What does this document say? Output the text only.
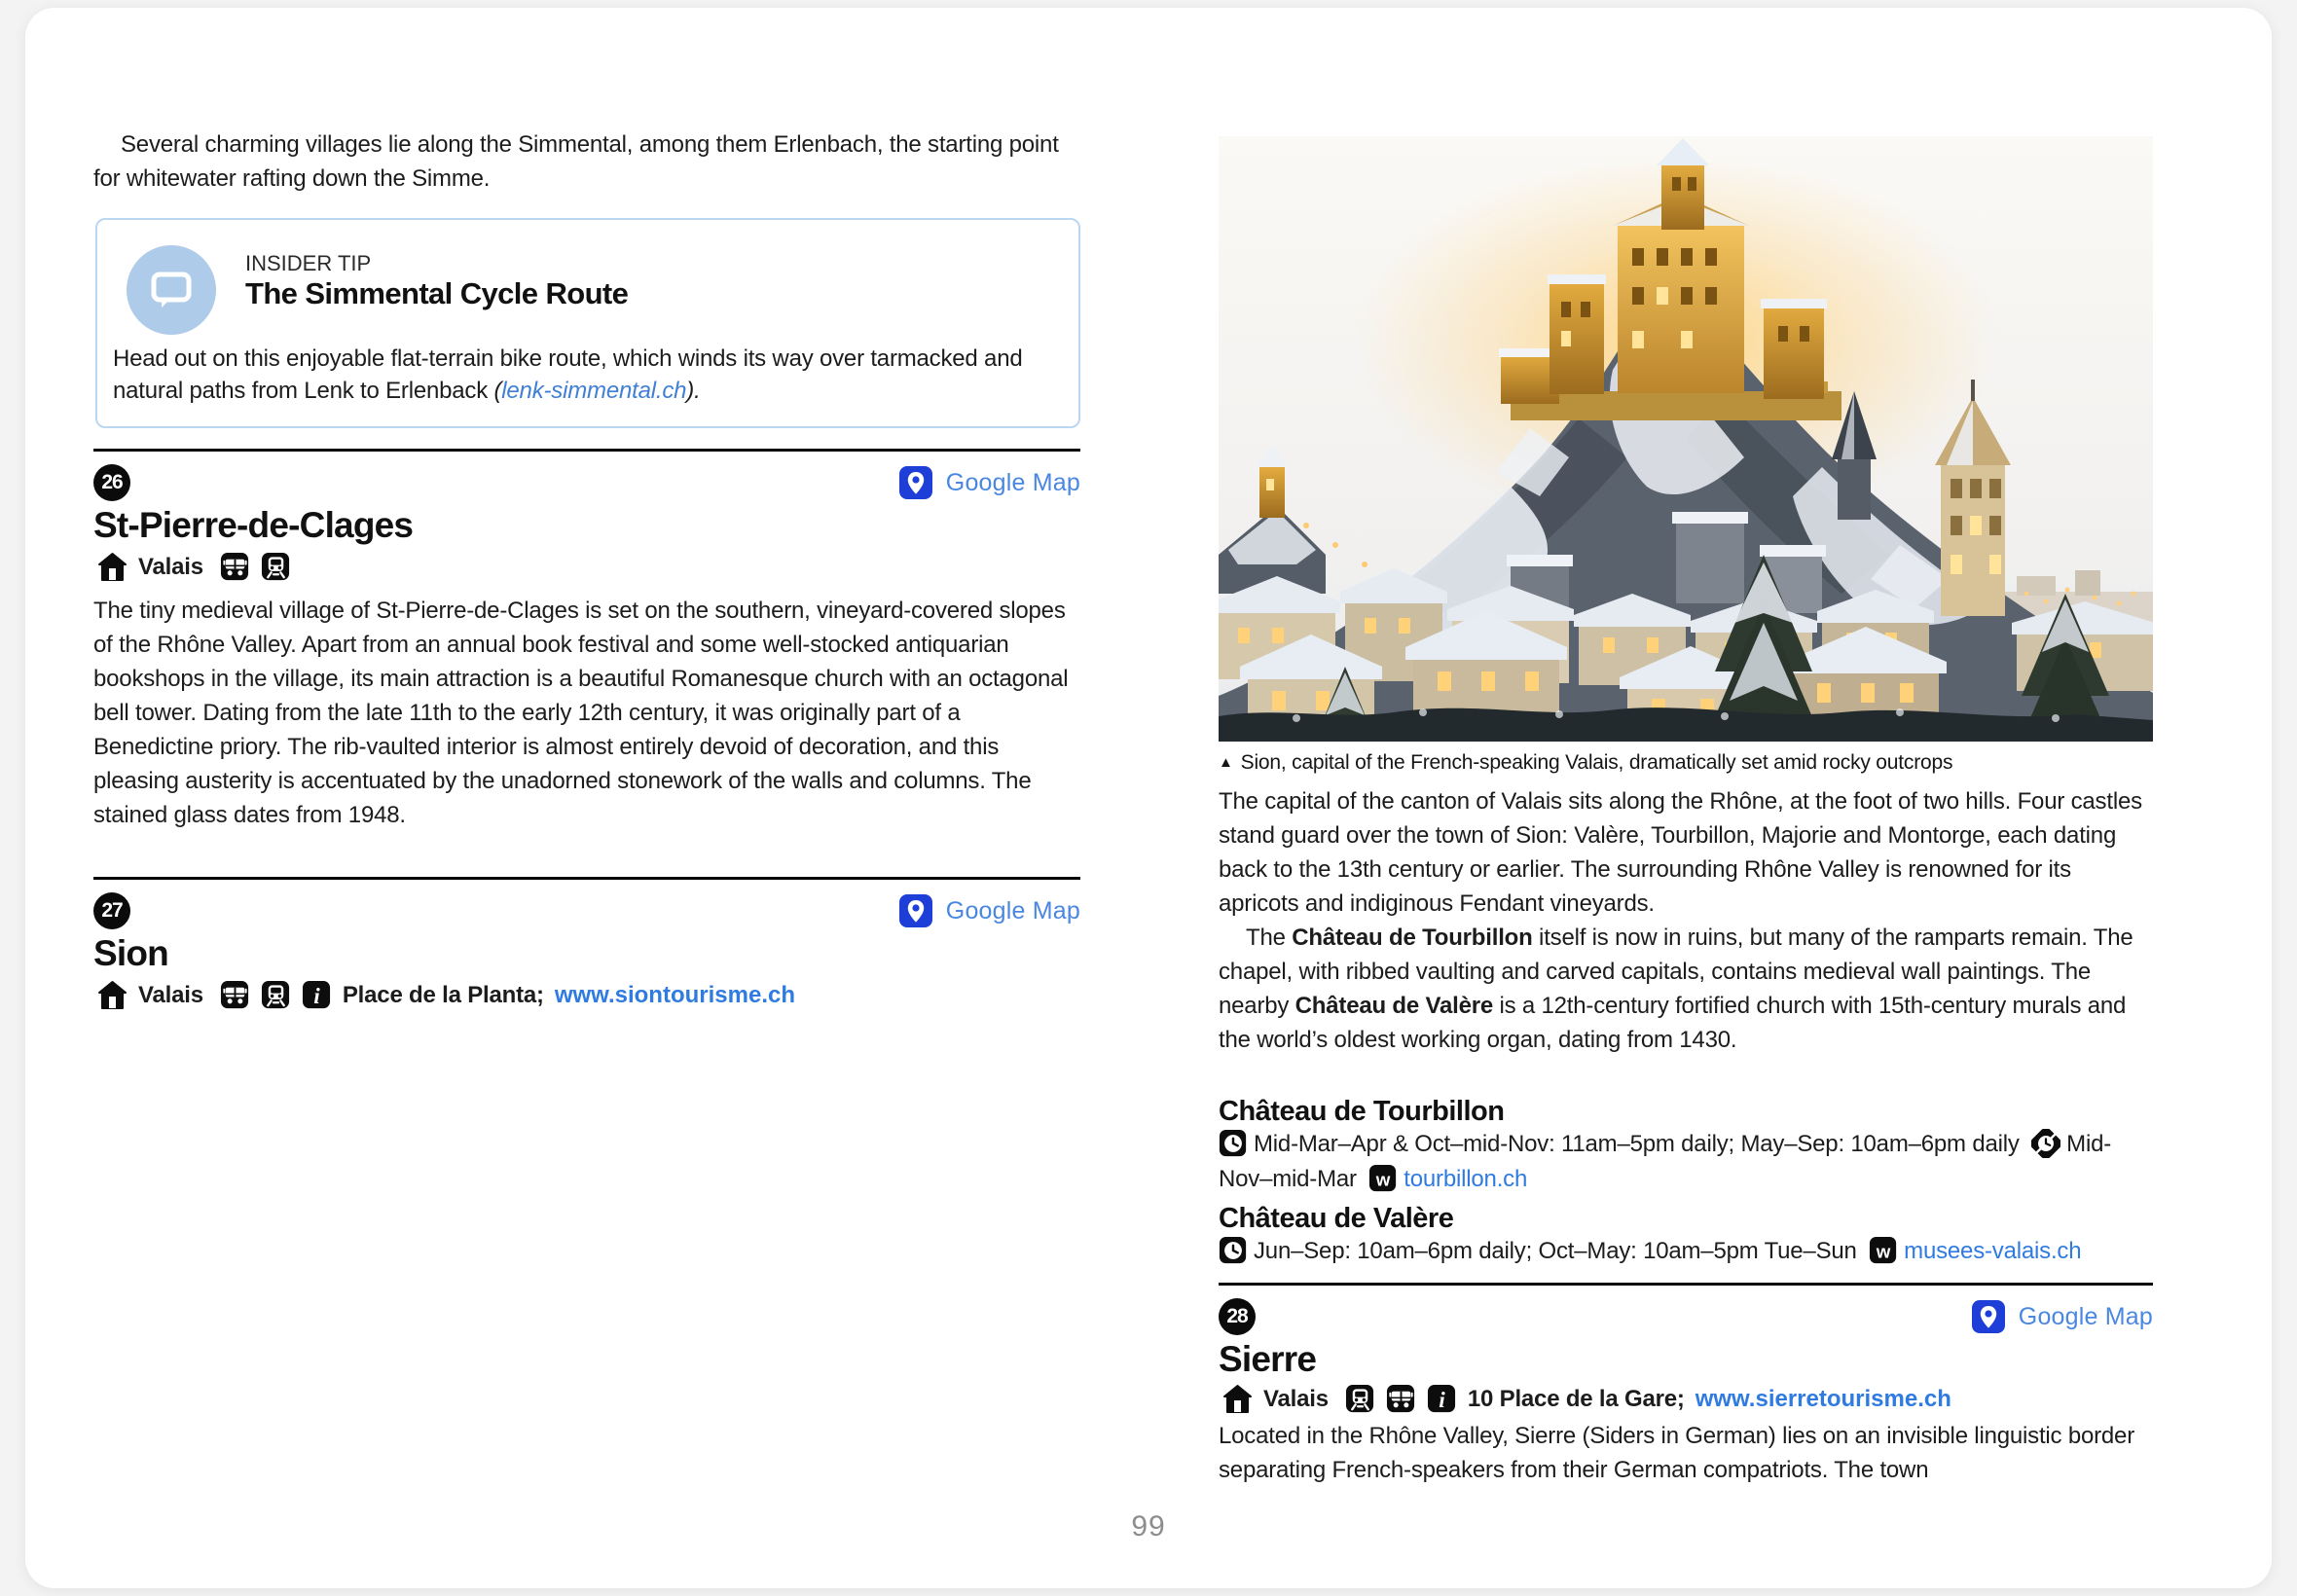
Several charming villages lie along the Simmental, among them Erlenbach, the starting point for whitewater rafting down the Simme.
INSIDER TIP
The Simmental Cycle Route
Head out on this enjoyable flat-terrain bike route, which winds its way over tarmacked and natural paths from Lenk to Erlenback (lenk-simmental.ch).
26	Google Map
St-Pierre-de-Clages
Valais
The tiny medieval village of St-Pierre-de-Clages is set on the southern, vineyard-covered slopes of the Rhône Valley. Apart from an annual book festival and some well-stocked antiquarian bookshops in the village, its main attraction is a beautiful Romanesque church with an octagonal bell tower. Dating from the late 11th to the early 12th century, it was originally part of a Benedictine priory. The rib-vaulted interior is almost entirely devoid of decoration, and this pleasing austerity is accentuated by the unadorned stonework of the walls and columns. The stained glass dates from 1948.
27	Google Map
Sion
Valais	Place de la Planta; www.siontourisme.ch
▲ Sion, capital of the French-speaking Valais, dramatically set amid rocky outcrops
The capital of the canton of Valais sits along the Rhône, at the foot of two hills. Four castles stand guard over the town of Sion: Valère, Tourbillon, Majorie and Montorge, each dating back to the 13th century or earlier. The surrounding Rhône Valley is renowned for its apricots and indiginous Fendant vineyards.
The Château de Tourbillon itself is now in ruins, but many of the ramparts remain. The chapel, with ribbed vaulting and carved capitals, contains medieval wall paintings. The nearby Château de Valère is a 12th-century fortified church with 15th-century murals and the world’s oldest working organ, dating from 1430.
Château de Tourbillon
Mid-Mar–Apr & Oct–mid-Nov: 11am–5pm daily; May–Sep: 10am–6pm daily Mid-Nov–mid-Mar tourbillon.ch
Château de Valère
Jun–Sep: 10am–6pm daily; Oct–May: 10am–5pm Tue–Sun musees-valais.ch
28	Google Map
Sierre
Valais	10 Place de la Gare; www.sierretourisme.ch
Located in the Rhône Valley, Sierre (Siders in German) lies on an invisible linguistic border separating French-speakers from their German compatriots. The town
99
